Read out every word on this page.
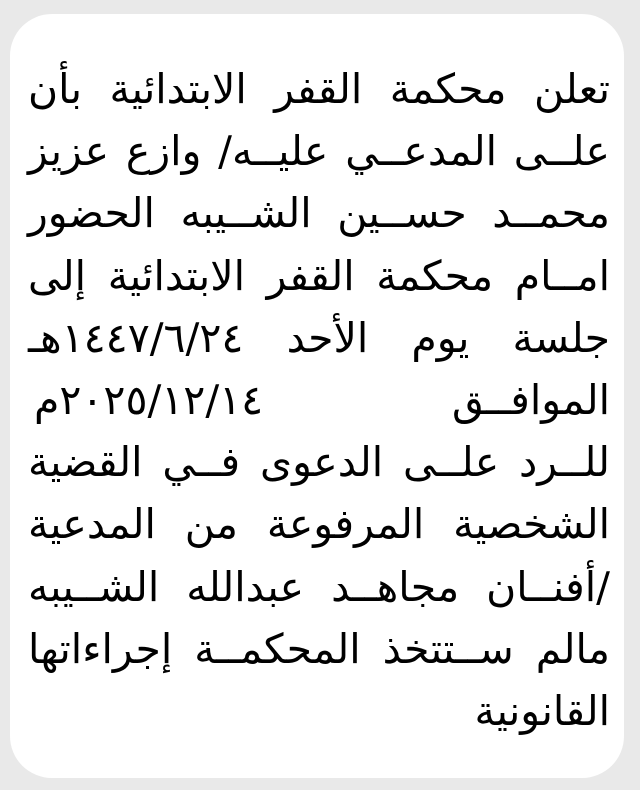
تعلن محكمة القفر الابتدائية بأن
علــى المدعــي عليــه/ وازع عزيز
محمــد حســين الشــيبه الحضور
امــام محكمة القفر الابتدائية إلى
جلسة يوم الأحد ١٤٤٧/٦/٢٤هـ
الموافــق
٢٠٢٥/١٢/١٤م
للــرد علــى الدعوى فــي القضية
الشخصية المرفوعة من المدعية
/أفنــان مجاهــد عبدالله الشــيبه
مالم ســتتخذ المحكمــة إجراءاتها
القانونية
